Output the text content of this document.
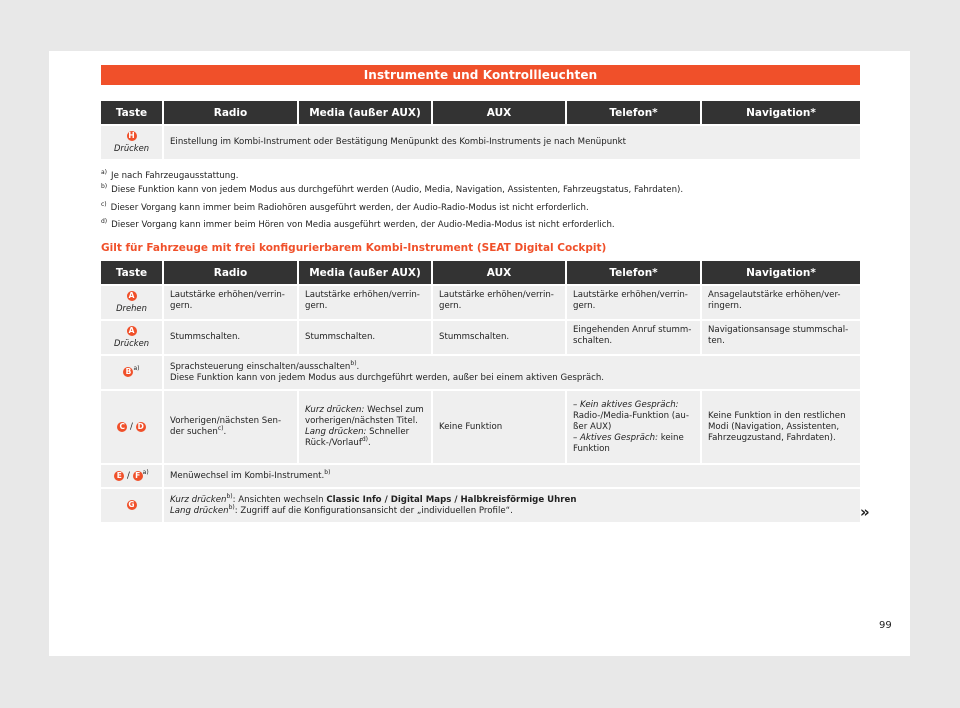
Instrumente und Kontrollleuchten
Taste	Radio	Media (außer AUX)	AUX	Telefon*	Navigation*
H
Drücken	Einstellung im Kombi-Instrument oder Bestätigung Menüpunkt des Kombi-Instruments je nach Menüpunkt				
$^{a)}$ Je nach Fahrzeugausstattung.
$^{b)}$ Diese Funktion kann von jedem Modus aus durchgeführt werden (Audio, Media, Navigation, Assistenten, Fahrzeugstatus, Fahrdaten).
$^{c)}$ Dieser Vorgang kann immer beim Radiohören ausgeführt werden, der Audio-Radio-Modus ist nicht erforderlich.
$^{d)}$ Dieser Vorgang kann immer beim Hören von Media ausgeführt werden, der Audio-Media-Modus ist nicht erforderlich.
Gilt für Fahrzeuge mit frei konfigurierbarem Kombi-Instrument (SEAT Digital Cockpit)
Taste	Radio	Media (außer AUX)	AUX	Telefon*	Navigation*
A
Drehen	Lautstärke erhöhen/verrin-gern.	Lautstärke erhöhen/verrin-gern.	Lautstärke erhöhen/verrin-gern.	Lautstärke erhöhen/verrin-gern.	Ansagelautstärke erhöhen/ver-ringern.
A
Drücken	Stummschalten.	Stummschalten.	Stummschalten.	Eingehenden Anruf stumm-schalten.	Navigationsansage stummschal-ten.
B $^{a)}$	Sprachsteuerung einschalten/ausschalten$^{b)}$.
Diese Funktion kann von jedem Modus aus durchgeführt werden, außer bei einem aktiven Gespräch.				
C / D	Vorherigen/nächsten Sen-der suchen$^{c)}$.	Kurz drücken: Wechsel zum vorherigen/nächsten Titel.
Lang drücken: Schneller Rück-/Vorlauf$^{d)}$.	Keine Funktion	– Kein aktives Gespräch:
Radio-/Media-Funktion (au-ßer AUX)
– Aktives Gespräch: keine Funktion	Keine Funktion in den restlichen Modi (Navigation, Assistenten, Fahrzeugzustand, Fahrdaten).
E / F $^{a)}$	Menüwechsel im Kombi-Instrument.$^{b)}$
G	Kurz drücken$^{b)}$: Ansichten wechseln Classic Info / Digital Maps / Halbkreisförmige Uhren
Lang drücken$^{b)}$: Zugriff auf die Konfigurationsansicht der „individuellen Profile“.					»
99
